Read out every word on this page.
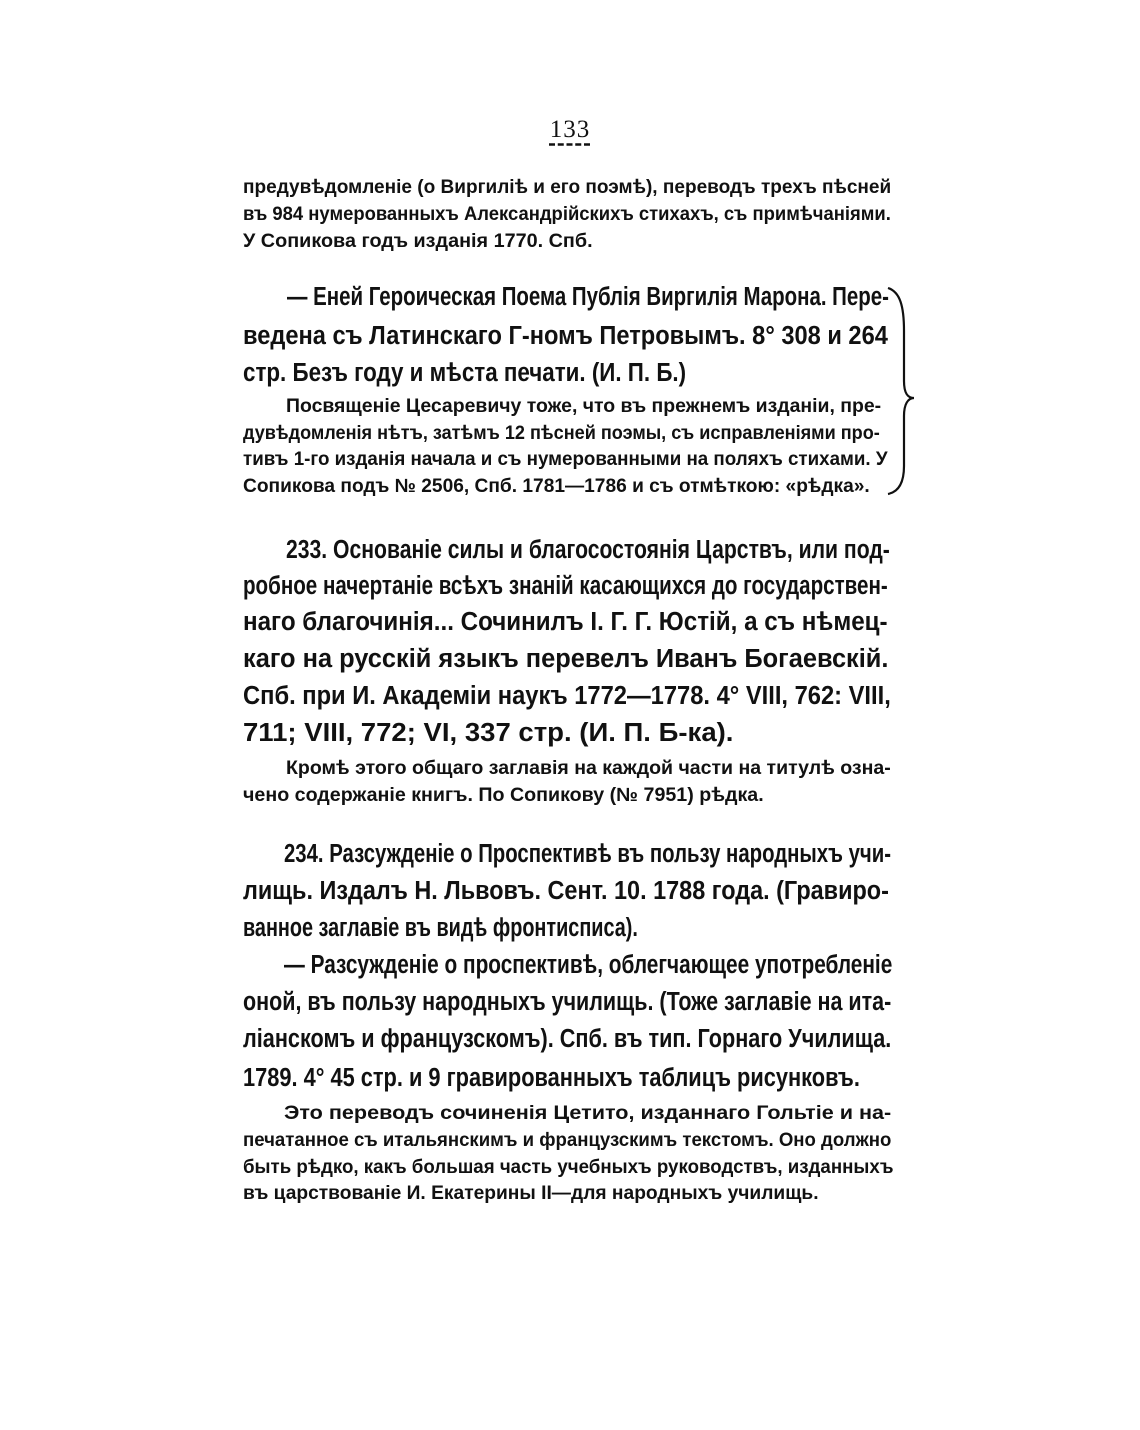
133
предувѣдомленіе (о Виргиліѣ и его поэмѣ), переводъ трехъ пѣсней
въ 984 нумерованныхъ Александрійскихъ стихахъ, съ примѣчаніями.
У Сопикова годъ изданія 1770. Спб.
— Еней Героическая Поема Публія Виргилія Марона. Пере-
ведена съ Латинскаго Г-номъ Петровымъ. 8° 308 и 264
стр. Безъ году и мѣста печати. (И. П. Б.)
Посвященіе Цесаревичу тоже, что въ прежнемъ изданіи, пре-
дувѣдомленія нѣтъ, затѣмъ 12 пѣсней поэмы, съ исправленіями про-
тивъ 1-го изданія начала и съ нумерованными на поляхъ стихами. У
Сопикова подъ № 2506, Спб. 1781—1786 и съ отмѣткою: «рѣдка».
233. Основаніе силы и благосостоянія Царствъ, или под-
робное начертаніе всѣхъ знаній касающихся до государствен-
наго благочинія... Сочинилъ І. Г. Г. Юстій, а съ нѣмец-
каго на русскій языкъ перевелъ Иванъ Богаевскій.
Спб. при И. Академіи наукъ 1772—1778. 4° VIII, 762: VIII,
711; VIII, 772; VI, 337 стр. (И. П. Б-ка).
Кромѣ этого общаго заглавія на каждой части на титулѣ озна-
чено содержаніе книгъ. По Сопикову (№ 7951) рѣдка.
234. Разсужденіе о Проспективѣ въ пользу народныхъ учи-
лищь. Издалъ Н. Львовъ. Сент. 10. 1788 года. (Гравиро-
ванное заглавіе въ видѣ фронтисписа).
— Разсужденіе о проспективѣ, облегчающее употребленіе
оной, въ пользу народныхъ училищь. (Тоже заглавіе на ита-
ліанскомъ и французскомъ). Спб. въ тип. Горнаго Училища.
1789. 4° 45 стр. и 9 гравированныхъ таблицъ рисунковъ.
Это переводъ сочиненія Цетито, изданнаго Гольтіе и на-
печатанное съ итальянскимъ и французскимъ текстомъ. Оно должно
быть рѣдко, какъ большая часть учебныхъ руководствъ, изданныхъ
въ царствованіе И. Екатерины II—для народныхъ училищь.
